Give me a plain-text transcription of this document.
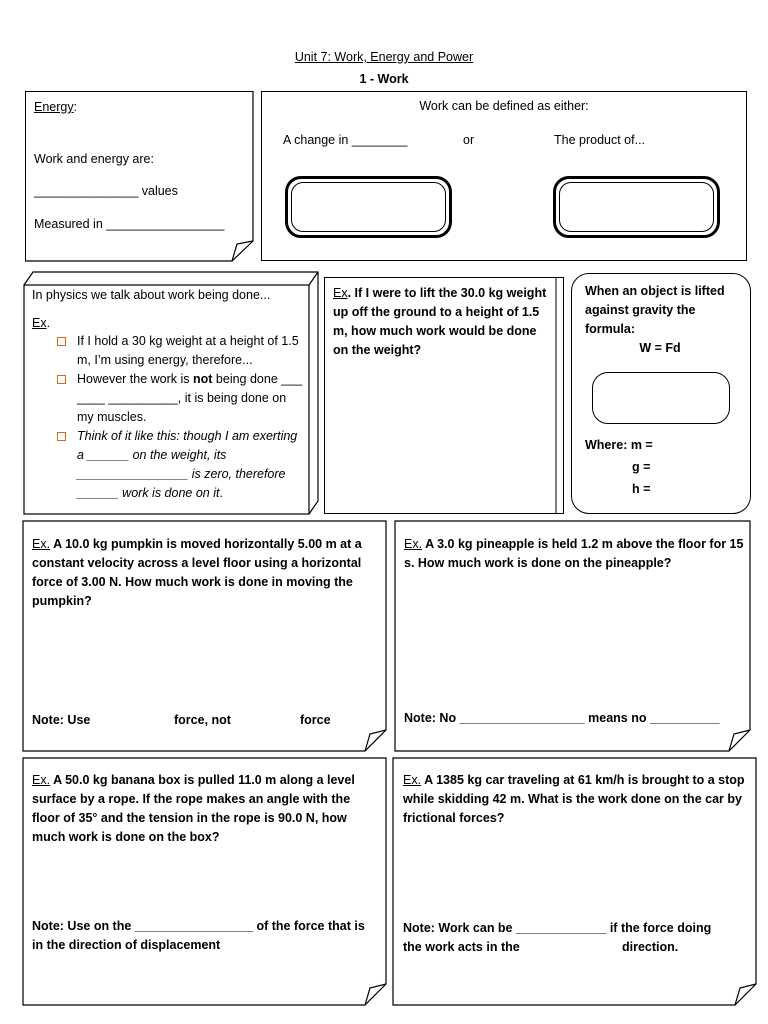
Unit 7: Work, Energy and Power
1 - Work
Energy:
Work and energy are:
_______________ values
Measured in _________________
Work can be defined as either:
A change in ________	or	The product of...
In physics we talk about work being done...
Ex.
If I hold a 30 kg weight at a height of 1.5 m, I’m using energy, therefore...
However the work is not being done ___ ____ __________, it is being done on my muscles.
Think of it like this: though I am exerting a ______ on the weight, its ________________ is zero, therefore ______ work is done on it.
Ex. If I were to lift the 30.0 kg weight up off the ground to a height of 1.5 m, how much work would be done on the weight?
When an object is lifted against gravity the formula:
W = Fd
Where: m =
g =
h =
Ex. A 10.0 kg pumpkin is moved horizontally 5.00 m at a constant velocity across a level floor using a horizontal force of 3.00 N. How much work is done in moving the pumpkin?
Note: Use	force, not	force
Ex. A 3.0 kg pineapple is held 1.2 m above the floor for 15 s. How much work is done on the pineapple?
Note: No __________________ means no __________
Ex. A 50.0 kg banana box is pulled 11.0 m along a level surface by a rope. If the rope makes an angle with the floor of 35° and the tension in the rope is 90.0 N, how much work is done on the box?
Note: Use on the _________________ of the force that is in the direction of displacement
Ex. A 1385 kg car traveling at 61 km/h is brought to a stop while skidding 42 m. What is the work done on the car by frictional forces?
Note: Work can be _____________ if the force doing
the work acts in the	direction.
